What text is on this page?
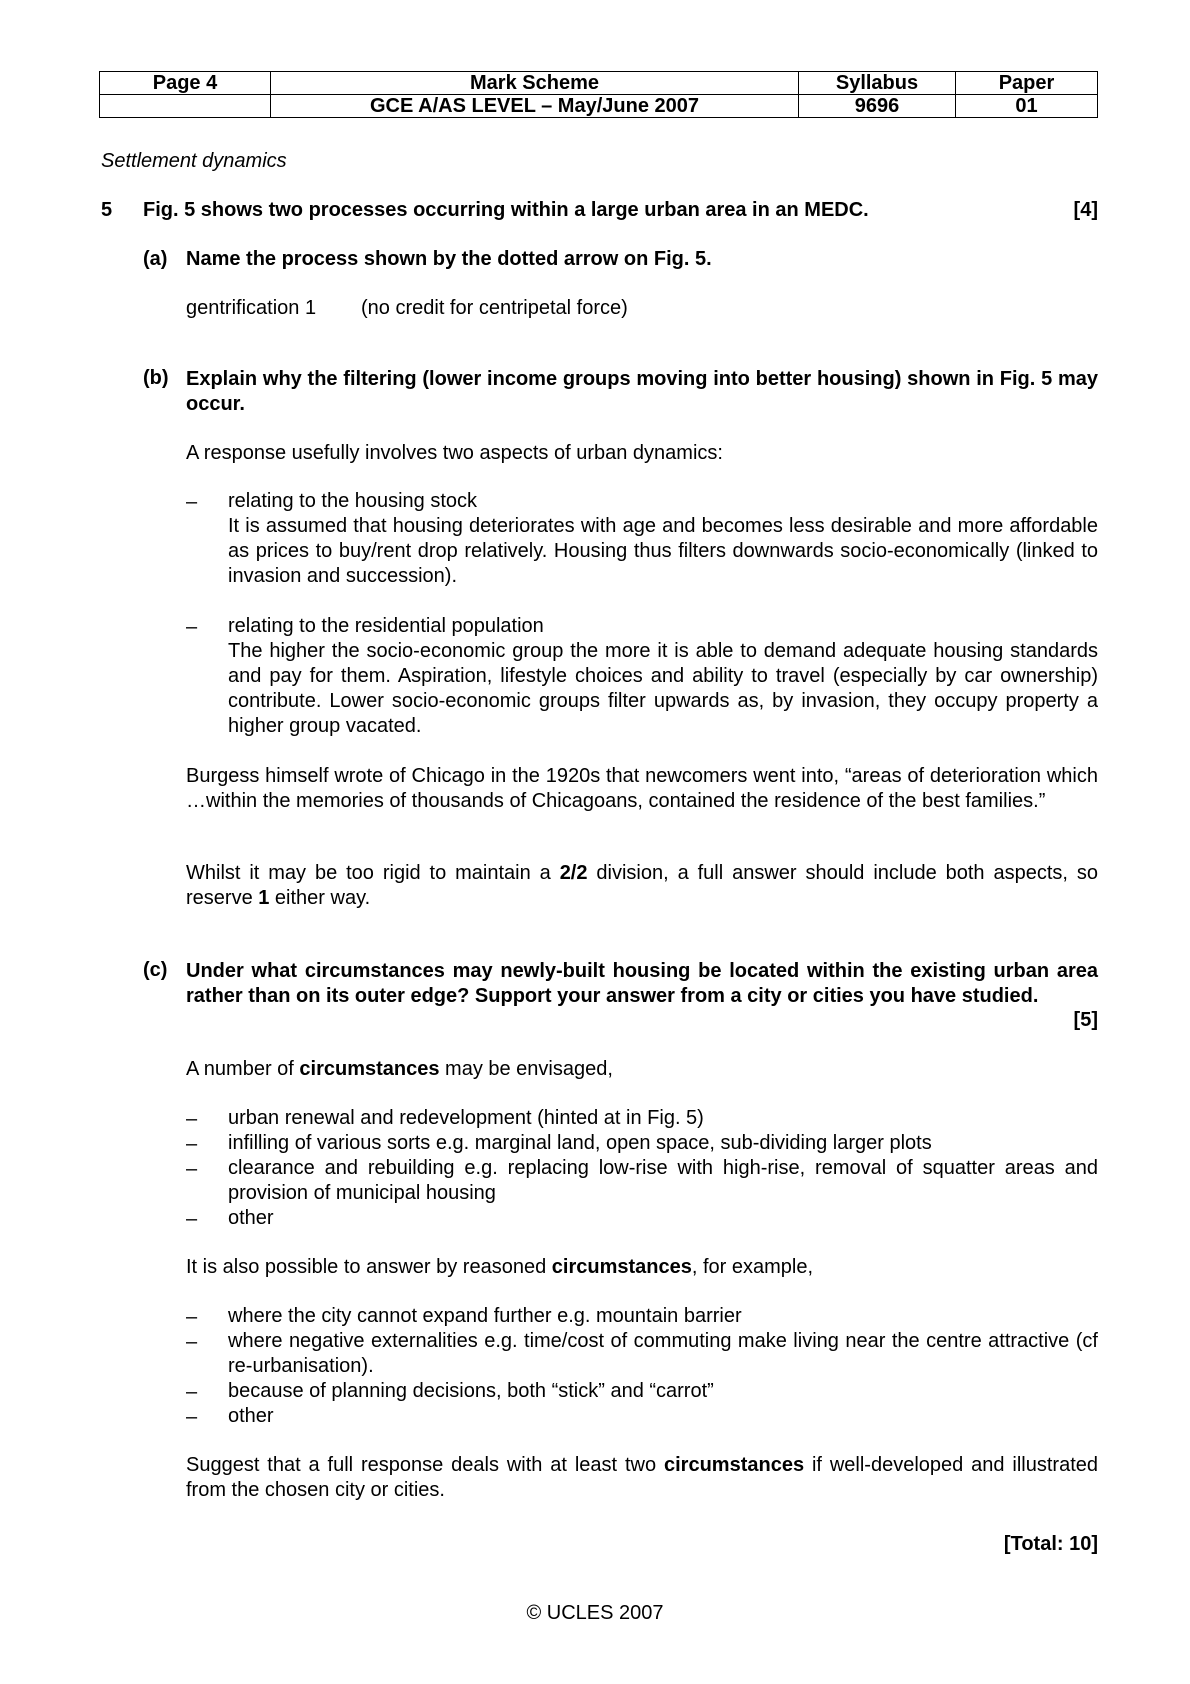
Page 4	Mark Scheme	Syllabus	Paper
	GCE A/AS LEVEL – May/June 2007	9696	01
Settlement dynamics
5 Fig. 5 shows two processes occurring within a large urban area in an MEDC.	[4]
(a) Name the process shown by the dotted arrow on Fig. 5.
gentrification 1 (no credit for centripetal force)
(b) Explain why the filtering (lower income groups moving into better housing) shown in Fig. 5 may occur.
A response usefully involves two aspects of urban dynamics:
– relating to the housing stock
It is assumed that housing deteriorates with age and becomes less desirable and more affordable as prices to buy/rent drop relatively. Housing thus filters downwards socio-economically (linked to invasion and succession).
– relating to the residential population
The higher the socio-economic group the more it is able to demand adequate housing standards and pay for them. Aspiration, lifestyle choices and ability to travel (especially by car ownership) contribute. Lower socio-economic groups filter upwards as, by invasion, they occupy property a higher group vacated.
Burgess himself wrote of Chicago in the 1920s that newcomers went into, “areas of deterioration which …within the memories of thousands of Chicagoans, contained the residence of the best families.”
Whilst it may be too rigid to maintain a 2/2 division, a full answer should include both aspects, so reserve 1 either way.
(c) Under what circumstances may newly-built housing be located within the existing urban area rather than on its outer edge? Support your answer from a city or cities you have studied.
[5]
A number of circumstances may be envisaged,
– urban renewal and redevelopment (hinted at in Fig. 5)
– infilling of various sorts e.g. marginal land, open space, sub-dividing larger plots
– clearance and rebuilding e.g. replacing low-rise with high-rise, removal of squatter areas and provision of municipal housing
– other
It is also possible to answer by reasoned circumstances, for example,
– where the city cannot expand further e.g. mountain barrier
– where negative externalities e.g. time/cost of commuting make living near the centre attractive (cf re-urbanisation).
– because of planning decisions, both “stick” and “carrot”
– other
Suggest that a full response deals with at least two circumstances if well-developed and illustrated from the chosen city or cities.
[Total: 10]
© UCLES 2007
